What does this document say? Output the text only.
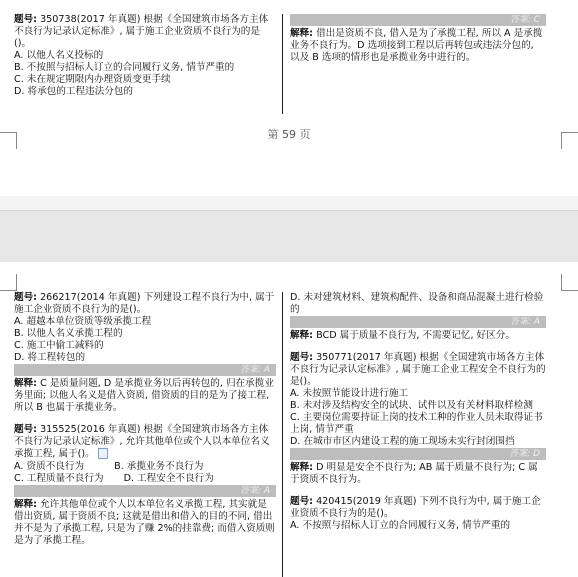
题号: 350738(2017 年真题) 根据《全国建筑市场各方主体不良行为记录认定标准》, 属于施工企业资质不良行为的是()。
A. 以他人名义投标的
B. 不按照与招标人订立的合同履行义务, 情节严重的
C. 未在规定期限内办理资质变更手续
D. 将承包的工程违法分包的
答案: C
解释: 借出是资质不良, 借入是为了承揽工程, 所以 A 是承揽业务不良行为。D 选项接到工程以后再转包或违法分包的, 以及 B 选项的情形也是承揽业务中进行的。
第 59 页
题号: 266217(2014 年真题) 下列建设工程不良行为中, 属于施工企业资质不良行为的是()。
A. 超越本单位资质等级承揽工程
B. 以他人名义承揽工程的
C. 施工中偷工减料的
D. 将工程转包的
答案: A
解释: C 是质量问题, D 是承揽业务以后再转包的, 归在承揽业务里面; 以他人名义是借入资质, 借资质的目的是为了接工程, 所以 B 也属于承揽业务。
题号: 315525(2016 年真题) 根据《全国建筑市场各方主体不良行为记录认定标准》, 允许其他单位或个人以本单位名义承揽工程, 属于()。
A. 资质不良行为	B. 承揽业务不良行为
C. 工程质量不良行为 D. 工程安全不良行为
答案: A
解释: 允许其他单位或个人以本单位名义承揽工程, 其实就是借出资质, 属于资质不良; 这就是借出和借入的目的不同, 借出并不是为了承揽工程, 只是为了赚 2%的挂靠费; 而借入资质则是为了承揽工程。
D. 未对建筑材料、建筑构配件、设备和商品混凝土进行检验的
答案: A
解释: BCD 属于质量不良行为, 不需要记忆, 好区分。
题号: 350771(2017 年真题) 根据《全国建筑市场各方主体不良行为记录认定标准》, 属于施工企业工程安全不良行为的是()。
A. 未按照节能设计进行施工
B. 未对涉及结构安全的试块、试件以及有关材料取样检测
C. 主要岗位需要持证上岗的技术工种的作业人员未取得证书上岗, 情节严重
D. 在城市市区内建设工程的施工现场未实行封闭围挡
答案: D
解释: D 明显是安全不良行为; AB 属于质量不良行为; C 属于资质不良行为。
题号: 420415(2019 年真题) 下列不良行为中, 属于施工企业资质不良行为的是()。
A. 不按照与招标人订立的合同履行义务, 情节严重的
